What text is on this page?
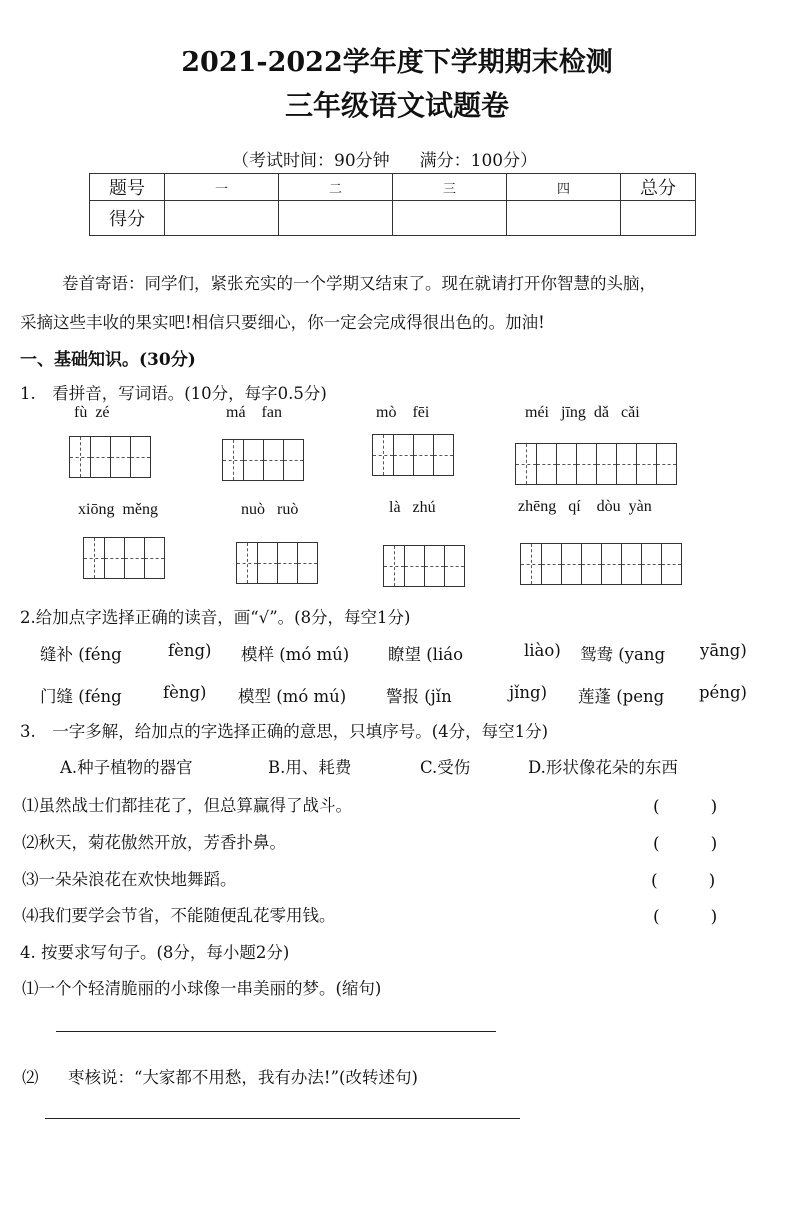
2021-2022学年度下学期期末检测
三年级语文试题卷
（考试时间：90分钟 满分：100分）
题号	一	二	三	四	总分
得分					
卷首寄语：同学们，紧张充实的一个学期又结束了。现在就请打开你智慧的头脑，
采摘这些丰收的果实吧!相信只要细心，你一定会完成得很出色的。加油!
一、基础知识。(30分)
1.　看拼音，写词语。(10分，每字0.5分)
fù  zé	má    fan	mò    fēi	méi   jīng  dǎ   cǎi
xiōng  měng	nuò   ruò	là   zhú	zhēng   qí    dòu  yàn
2.给加点字选择正确的读音，画“√”。(8分，每空1分)
缝补 (féng	fèng) 模样 (mó mú) 瞭望 (liáo	liào) 鸳鸯 (yang yāng)
门缝 (féng	fèng) 模型 (mó mú) 警报 (jǐn	jǐng) 莲蓬 (peng péng)
3.　一字多解，给加点的字选择正确的意思，只填序号。(4分，每空1分)
A.种子植物的器官	B.用、耗费	C.受伤	D.形状像花朵的东西
⑴虽然战士们都挂花了，但总算赢得了战斗。	(　　　)
⑵秋天，菊花傲然开放，芳香扑鼻。	(　　　)
⑶一朵朵浪花在欢快地舞蹈。	(　　　)
⑷我们要学会节省，不能随便乱花零用钱。	(　　　)
4. 按要求写句子。(8分，每小题2分)
⑴一个个轻清脆丽的小球像一串美丽的梦。(缩句)
⑵ 枣核说：“大家都不用愁，我有办法!”(改转述句)
